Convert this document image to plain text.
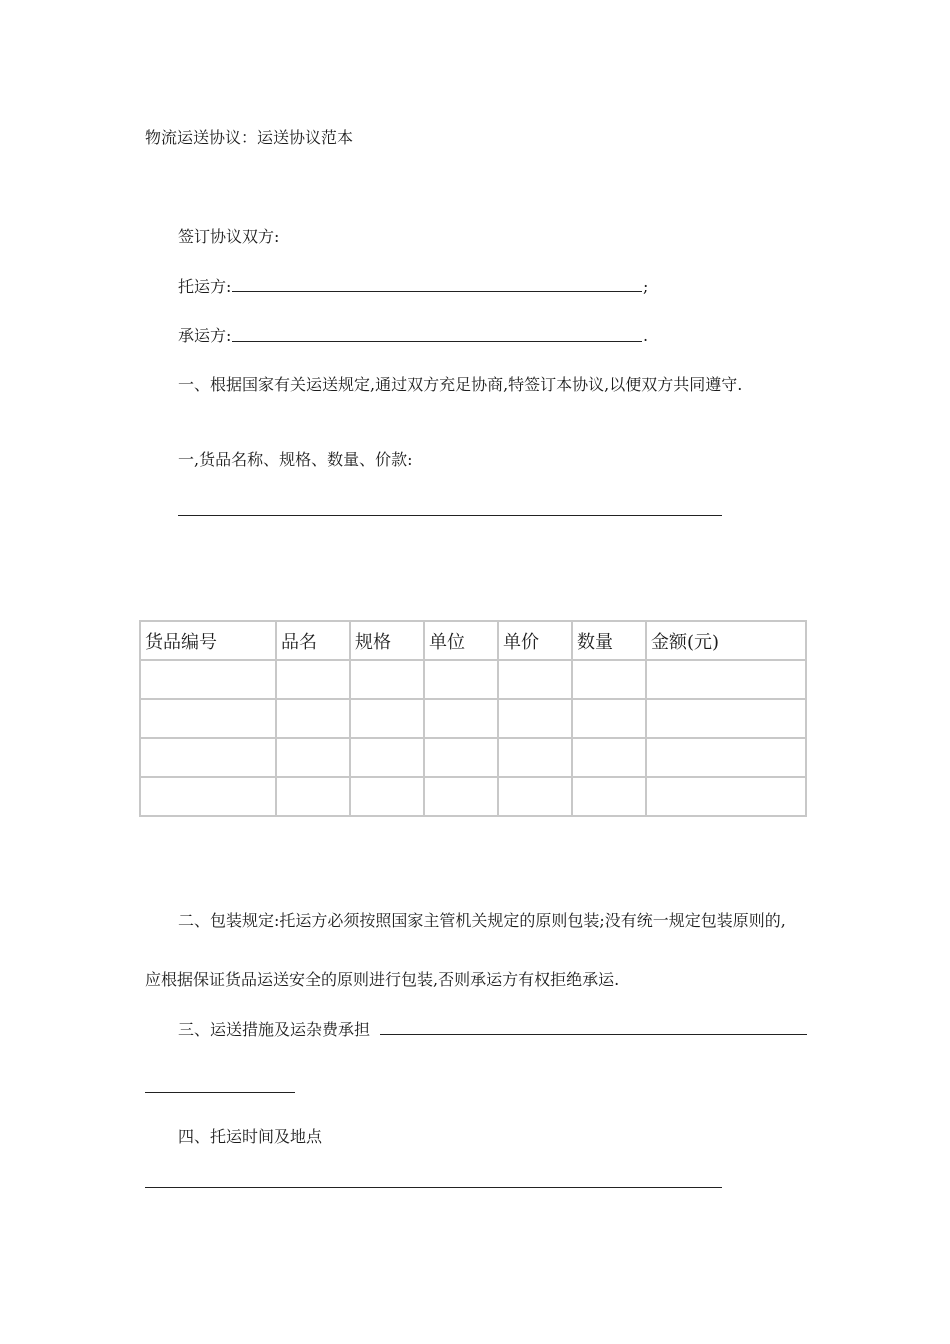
物流运送协议：运送协议范本
签订协议双方:
托运方:	;
承运方:	.
一、根据国家有关运送规定,通过双方充足协商,特签订本协议,以便双方共同遵守.
一,货品名称、规格、数量、价款:
货品编号	品名	规格	单位	单价	数量	金额(元)

二、包装规定:托运方必须按照国家主管机关规定的原则包装;没有统一规定包装原则的,
应根据保证货品运送安全的原则进行包装,否则承运方有权拒绝承运.
三、运送措施及运杂费承担
四、托运时间及地点
